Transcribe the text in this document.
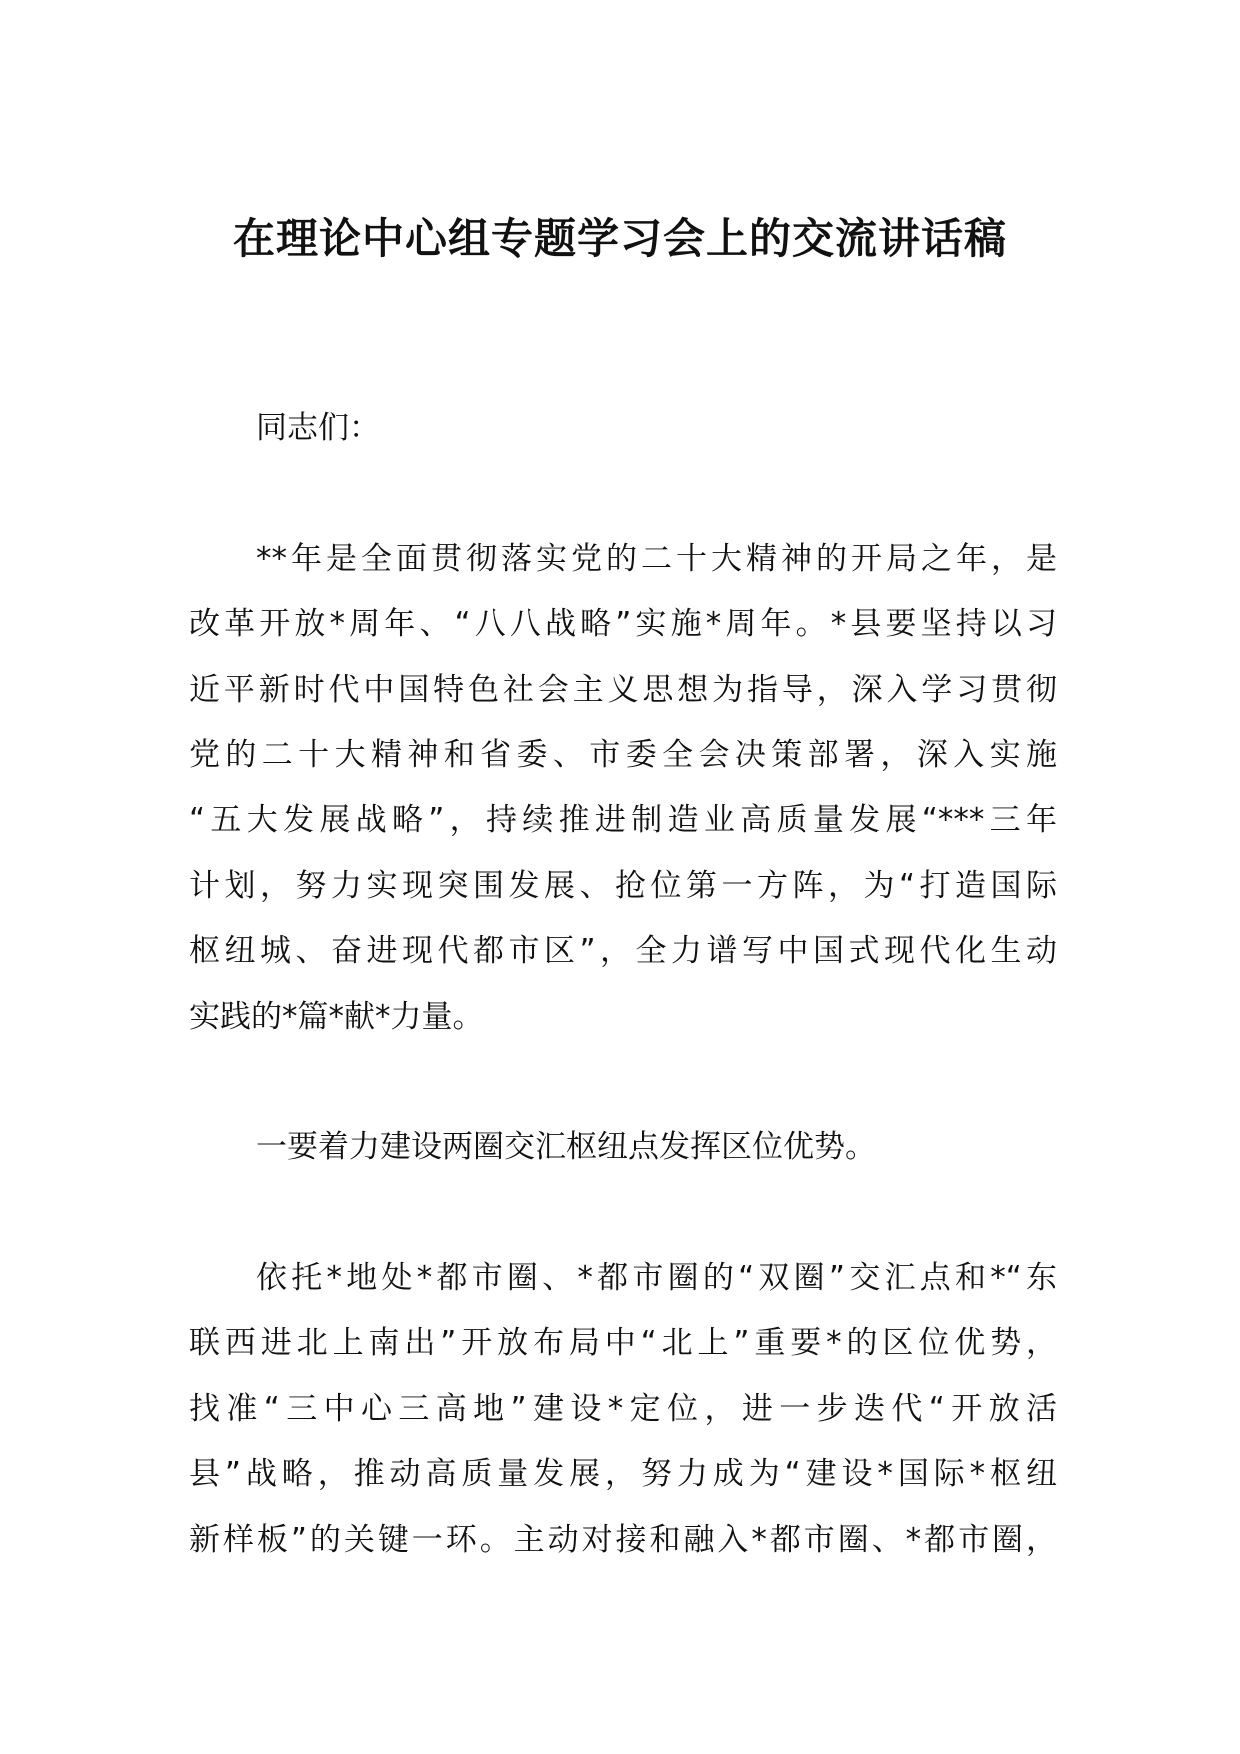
在理论中心组专题学习会上的交流讲话稿
同志们：
**年是全面贯彻落实党的二十大精神的开局之年，是
改革开放*周年、“八八战略”实施*周年。*县要坚持以习
近平新时代中国特色社会主义思想为指导，深入学习贯彻
党的二十大精神和省委、市委全会决策部署，深入实施
“五大发展战略”，持续推进制造业高质量发展“***三年
计划，努力实现突围发展、抢位第一方阵，为“打造国际
枢纽城、奋进现代都市区”，全力谱写中国式现代化生动
实践的*篇*献*力量。
一要着力建设两圈交汇枢纽点发挥区位优势。
依托*地处*都市圈、*都市圈的“双圈”交汇点和*“东
联西进北上南出”开放布局中“北上”重要*的区位优势，
找准“三中心三高地”建设*定位，进一步迭代“开放活
县”战略，推动高质量发展，努力成为“建设*国际*枢纽
新样板”的关键一环。主动对接和融入*都市圈、*都市圈，
